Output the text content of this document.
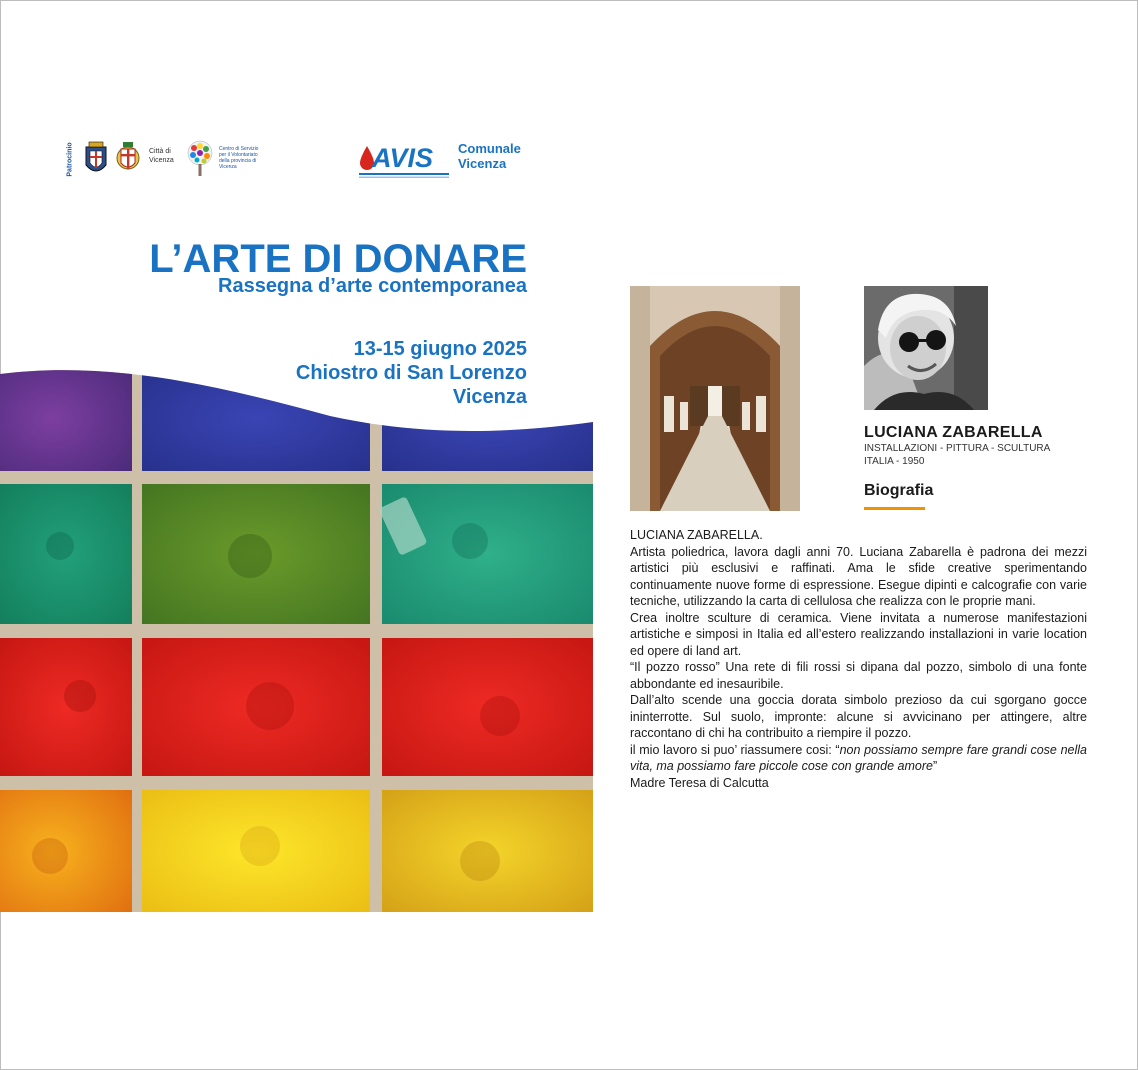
Patrocinio	Città di Vicenza
Centro di Servizio per il Volontariato della provincia di Vicenza	AVIS Comunale
Vicenza
L’ARTE DI DONARE
Rassegna d’arte contemporanea
13-15 giugno 2025
Chiostro di San Lorenzo
Vicenza
LUCIANA ZABARELLA
INSTALLAZIONI - PITTURA - SCULTURA
ITALIA - 1950
Biografia

LUCIANA ZABARELLA.

Artista poliedrica, lavora dagli anni 70. Luciana Zabarella è padrona dei mezzi artistici più esclusivi e raffinati. Ama le sfide creative sperimentando continuamente nuove forme di espressione. Esegue dipinti e calcografie con varie tecniche, utilizzando la carta di cellulosa che realizza con le proprie mani.

Crea inoltre sculture di ceramica. Viene invitata a numerose manifestazioni artistiche e simposi in Italia ed all’estero realizzando installazioni in varie location ed opere di land art.

“Il pozzo rosso” Una rete di fili rossi si dipana dal pozzo, simbolo di una fonte abbondante ed inesauribile.

Dall’alto scende una goccia dorata simbolo prezioso da cui sgorgano gocce ininterrotte. Sul suolo, impronte: alcune si avvicinano per attingere, altre raccontano di chi ha contribuito a riempire il pozzo.

il mio lavoro si puo’ riassumere cosi: “non possiamo sempre fare grandi cose nella vita, ma possiamo fare piccole cose con grande amore”

Madre Teresa di Calcutta
